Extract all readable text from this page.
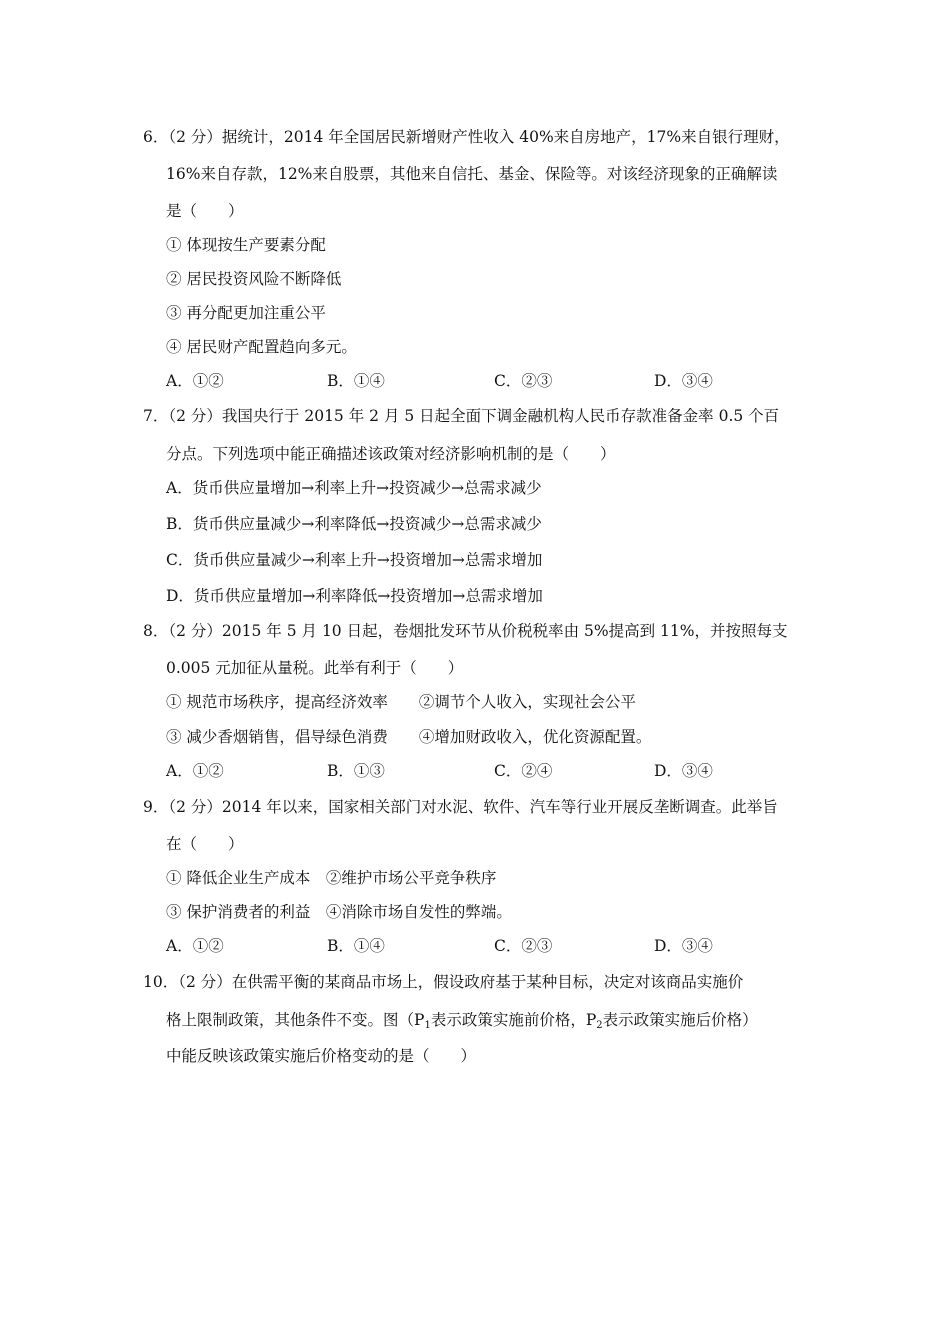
6．（2 分）据统计，2014 年全国居民新增财产性收入 40%来自房地产，17%来自银行理财，
16%来自存款，12%来自股票，其他来自信托、基金、保险等。对该经济现象的正确解读
是（　　）
① 体现按生产要素分配
② 居民投资风险不断降低
③ 再分配更加注重公平
④ 居民财产配置趋向多元。
A．①②	B．①④	C．②③	D．③④
7．（2 分）我国央行于 2015 年 2 月 5 日起全面下调金融机构人民币存款准备金率 0.5 个百
分点。下列选项中能正确描述该政策对经济影响机制的是（　　）
A．货币供应量增加→利率上升→投资减少→总需求减少
B．货币供应量减少→利率降低→投资减少→总需求减少
C．货币供应量减少→利率上升→投资增加→总需求增加
D．货币供应量增加→利率降低→投资增加→总需求增加
8．（2 分）2015 年 5 月 10 日起，卷烟批发环节从价税税率由 5%提高到 11%，并按照每支
0.005 元加征从量税。此举有利于（　　）
① 规范市场秩序，提高经济效率　　②调节个人收入，实现社会公平
③ 减少香烟销售，倡导绿色消费　　④增加财政收入，优化资源配置。
A．①②	B．①③	C．②④	D．③④
9．（2 分）2014 年以来，国家相关部门对水泥、软件、汽车等行业开展反垄断调查。此举旨
在（　　）
① 降低企业生产成本　②维护市场公平竞争秩序
③ 保护消费者的利益　④消除市场自发性的弊端。
A．①②	B．①④	C．②③	D．③④
10．（2 分）在供需平衡的某商品市场上，假设政府基于某种目标，决定对该商品实施价
格上限制政策，其他条件不变。图（$P_1$表示政策实施前价格，$P_2$表示政策实施后价格）
中能反映该政策实施后价格变动的是（　　）
